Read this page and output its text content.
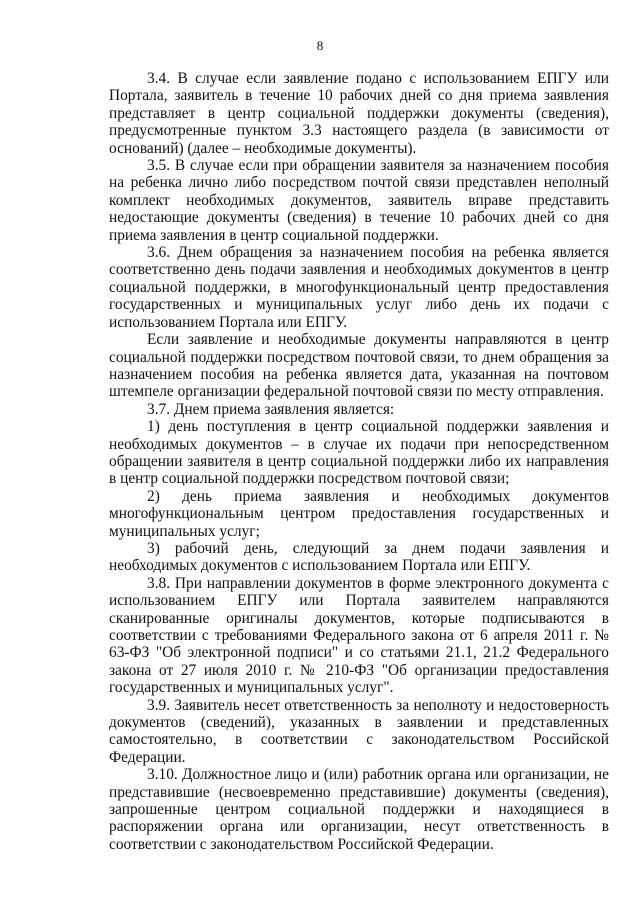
8

3.4. В случае если заявление подано с использованием ЕПГУ или Портала, заявитель в течение 10 рабочих дней со дня приема заявления представляет в центр социальной поддержки документы (сведения), предусмотренные пунктом 3.3 настоящего раздела (в зависимости от оснований) (далее – необходимые документы).

3.5. В случае если при обращении заявителя за назначением пособия на ребенка лично либо посредством почтой связи представлен неполный комплект необходимых документов, заявитель вправе представить недостающие документы (сведения) в течение 10 рабочих дней со дня приема заявления в центр социальной поддержки.

3.6. Днем обращения за назначением пособия на ребенка является соответственно день подачи заявления и необходимых документов в центр социальной поддержки, в многофункциональный центр предоставления государственных и муниципальных услуг либо день их подачи с использованием Портала или ЕПГУ.

Если заявление и необходимые документы направляются в центр социальной поддержки посредством почтовой связи, то днем обращения за назначением пособия на ребенка является дата, указанная на почтовом штемпеле организации федеральной почтовой связи по месту отправления.

3.7. Днем приема заявления является:

1) день поступления в центр социальной поддержки заявления и необходимых документов – в случае их подачи при непосредственном обращении заявителя в центр социальной поддержки либо их направления в центр социальной поддержки посредством почтовой связи;

2) день приема заявления и необходимых документов многофункциональным центром предоставления государственных и муниципальных услуг;

3) рабочий день, следующий за днем подачи заявления и необходимых документов с использованием Портала или ЕПГУ.

3.8. При направлении документов в форме электронного документа с использованием ЕПГУ или Портала заявителем направляются сканированные оригиналы документов, которые подписываются в соответствии с требованиями Федерального закона от 6 апреля 2011 г. № 63-ФЗ "Об электронной подписи" и со статьями 21.1, 21.2 Федерального закона от 27 июля 2010 г. № 210-ФЗ "Об организации предоставления государственных и муниципальных услуг".

3.9. Заявитель несет ответственность за неполноту и недостоверность документов (сведений), указанных в заявлении и представленных самостоятельно, в соответствии с законодательством Российской Федерации.

3.10. Должностное лицо и (или) работник органа или организации, не представившие (несвоевременно представившие) документы (сведения), запрошенные центром социальной поддержки и находящиеся в распоряжении органа или организации, несут ответственность в соответствии с законодательством Российской Федерации.
